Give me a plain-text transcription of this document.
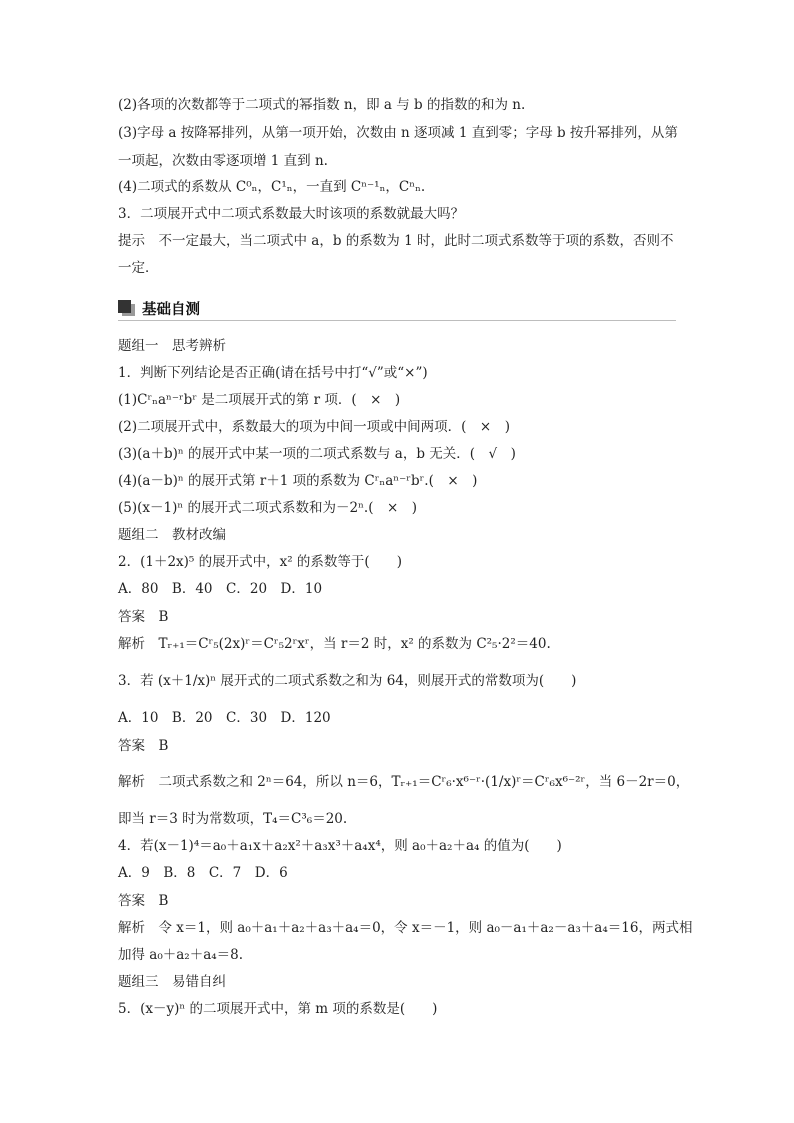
(2)各项的次数都等于二项式的幂指数 n，即 a 与 b 的指数的和为 n.
(3)字母 a 按降幂排列，从第一项开始，次数由 n 逐项减 1 直到零；字母 b 按升幂排列，从第
一项起，次数由零逐项增 1 直到 n.
(4)二项式的系数从 C⁰ₙ，C¹ₙ，一直到 Cⁿ⁻¹ₙ，Cⁿₙ.
3．二项展开式中二项式系数最大时该项的系数就最大吗？
提示　不一定最大，当二项式中 a，b 的系数为 1 时，此时二项式系数等于项的系数，否则不
一定．
基础自测
题组一　思考辨析
1．判断下列结论是否正确(请在括号中打“√”或“×”)
(1)Cʳₙaⁿ⁻ʳbʳ 是二项展开式的第 r 项．(　×　)
(2)二项展开式中，系数最大的项为中间一项或中间两项．(　×　)
(3)(a＋b)ⁿ 的展开式中某一项的二项式系数与 a，b 无关．(　√　)
(4)(a－b)ⁿ 的展开式第 r＋1 项的系数为 Cʳₙaⁿ⁻ʳbʳ.(　×　)
(5)(x－1)ⁿ 的展开式二项式系数和为－2ⁿ.(　×　)
题组二　教材改编
2．(1＋2x)⁵ 的展开式中，x² 的系数等于(　　)
A．80　B．40　C．20　D．10
答案　B
解析　Tᵣ₊₁＝Cʳ₅(2x)ʳ＝Cʳ₅2ʳxʳ，当 r＝2 时，x² 的系数为 C²₅·2²＝40.
3．若 (x＋1/x)ⁿ 展开式的二项式系数之和为 64，则展开式的常数项为(　　)
A．10　B．20　C．30　D．120
答案　B
解析　二项式系数之和 2ⁿ＝64，所以 n＝6，Tᵣ₊₁＝Cʳ₆·x⁶⁻ʳ·(1/x)ʳ＝Cʳ₆x⁶⁻²ʳ，当 6－2r＝0，
即当 r＝3 时为常数项，T₄＝C³₆＝20.
4．若(x－1)⁴＝a₀＋a₁x＋a₂x²＋a₃x³＋a₄x⁴，则 a₀＋a₂＋a₄ 的值为(　　)
A．9　B．8　C．7　D．6
答案　B
解析　令 x＝1，则 a₀＋a₁＋a₂＋a₃＋a₄＝0，令 x＝－1，则 a₀－a₁＋a₂－a₃＋a₄＝16，两式相
加得 a₀＋a₂＋a₄＝8.
题组三　易错自纠
5．(x－y)ⁿ 的二项展开式中，第 m 项的系数是(　　)
